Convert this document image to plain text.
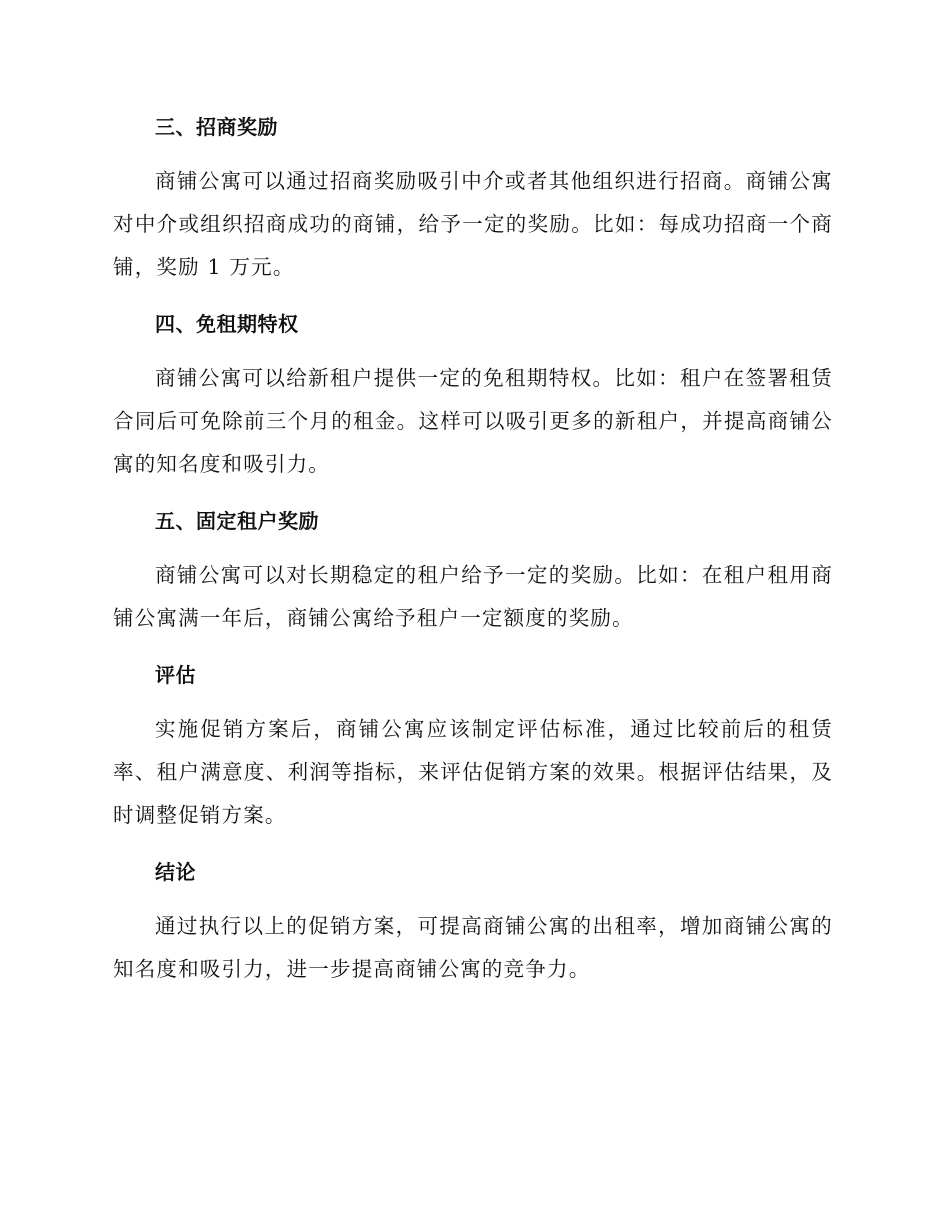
三、招商奖励

商铺公寓可以通过招商奖励吸引中介或者其他组织进行招商。商铺公寓对中介或组织招商成功的商铺，给予一定的奖励。比如：每成功招商一个商铺，奖励 1 万元。

四、免租期特权

商铺公寓可以给新租户提供一定的免租期特权。比如：租户在签署租赁合同后可免除前三个月的租金。这样可以吸引更多的新租户，并提高商铺公寓的知名度和吸引力。

五、固定租户奖励

商铺公寓可以对长期稳定的租户给予一定的奖励。比如：在租户租用商铺公寓满一年后，商铺公寓给予租户一定额度的奖励。

评估

实施促销方案后，商铺公寓应该制定评估标准，通过比较前后的租赁率、租户满意度、利润等指标，来评估促销方案的效果。根据评估结果，及时调整促销方案。

结论

通过执行以上的促销方案，可提高商铺公寓的出租率，增加商铺公寓的知名度和吸引力，进一步提高商铺公寓的竞争力。
